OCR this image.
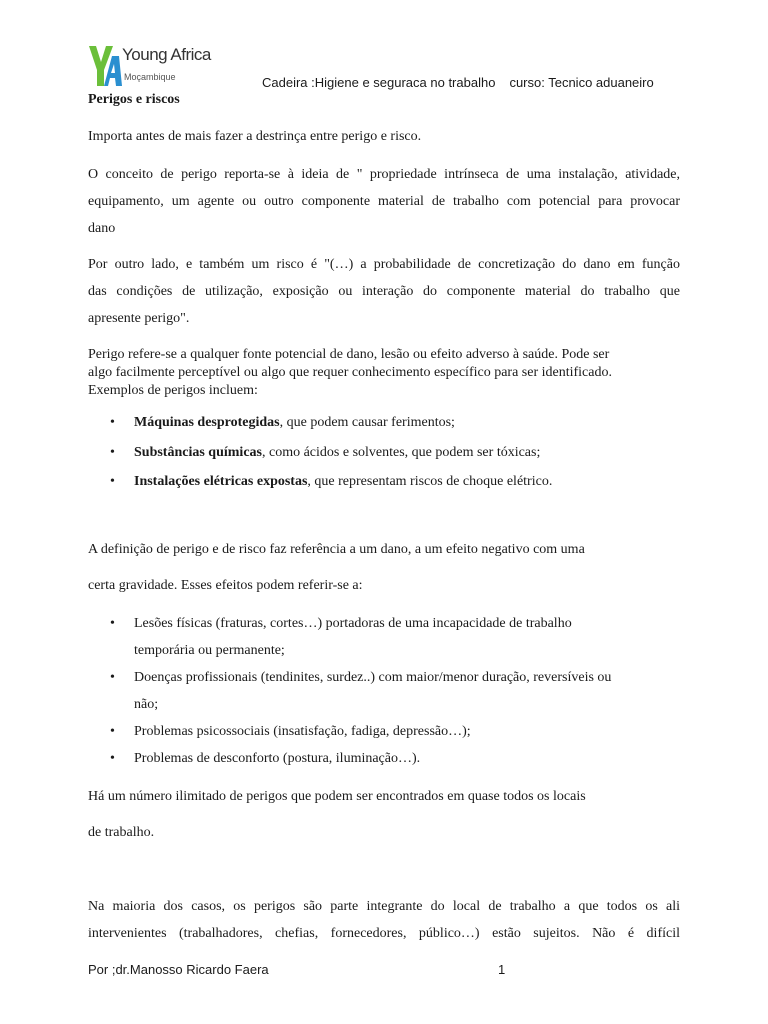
Young Africa
Moçambique	Cadeira :Higiene e seguraca no trabalho curso: Tecnico aduaneiro
Perigos e riscos
Importa antes de mais fazer a destrinça entre perigo e risco.
O conceito de perigo reporta-se à ideia de " propriedade intrínseca de uma instalação, atividade,
equipamento, um agente ou outro componente material de trabalho com potencial para provocar
dano
Por outro lado, e também um risco é "(…) a probabilidade de concretização do dano em função
das condições de utilização, exposição ou interação do componente material do trabalho que
apresente perigo".
Perigo refere-se a qualquer fonte potencial de dano, lesão ou efeito adverso à saúde. Pode ser
algo facilmente perceptível ou algo que requer conhecimento específico para ser identificado.
Exemplos de perigos incluem:
• Máquinas desprotegidas, que podem causar ferimentos;
• Substâncias químicas, como ácidos e solventes, que podem ser tóxicas;
• Instalações elétricas expostas, que representam riscos de choque elétrico.
A definição de perigo e de risco faz referência a um dano, a um efeito negativo com uma
certa gravidade. Esses efeitos podem referir-se a:
• Lesões físicas (fraturas, cortes…) portadoras de uma incapacidade de trabalho
temporária ou permanente;
• Doenças profissionais (tendinites, surdez..) com maior/menor duração, reversíveis ou
não;
• Problemas psicossociais (insatisfação, fadiga, depressão…);
• Problemas de desconforto (postura, iluminação…).
Há um número ilimitado de perigos que podem ser encontrados em quase todos os locais
de trabalho.
Na maioria dos casos, os perigos são parte integrante do local de trabalho a que todos os ali
intervenientes (trabalhadores, chefias, fornecedores, público…) estão sujeitos. Não é difícil
Por ;dr.Manosso Ricardo Faera	1
